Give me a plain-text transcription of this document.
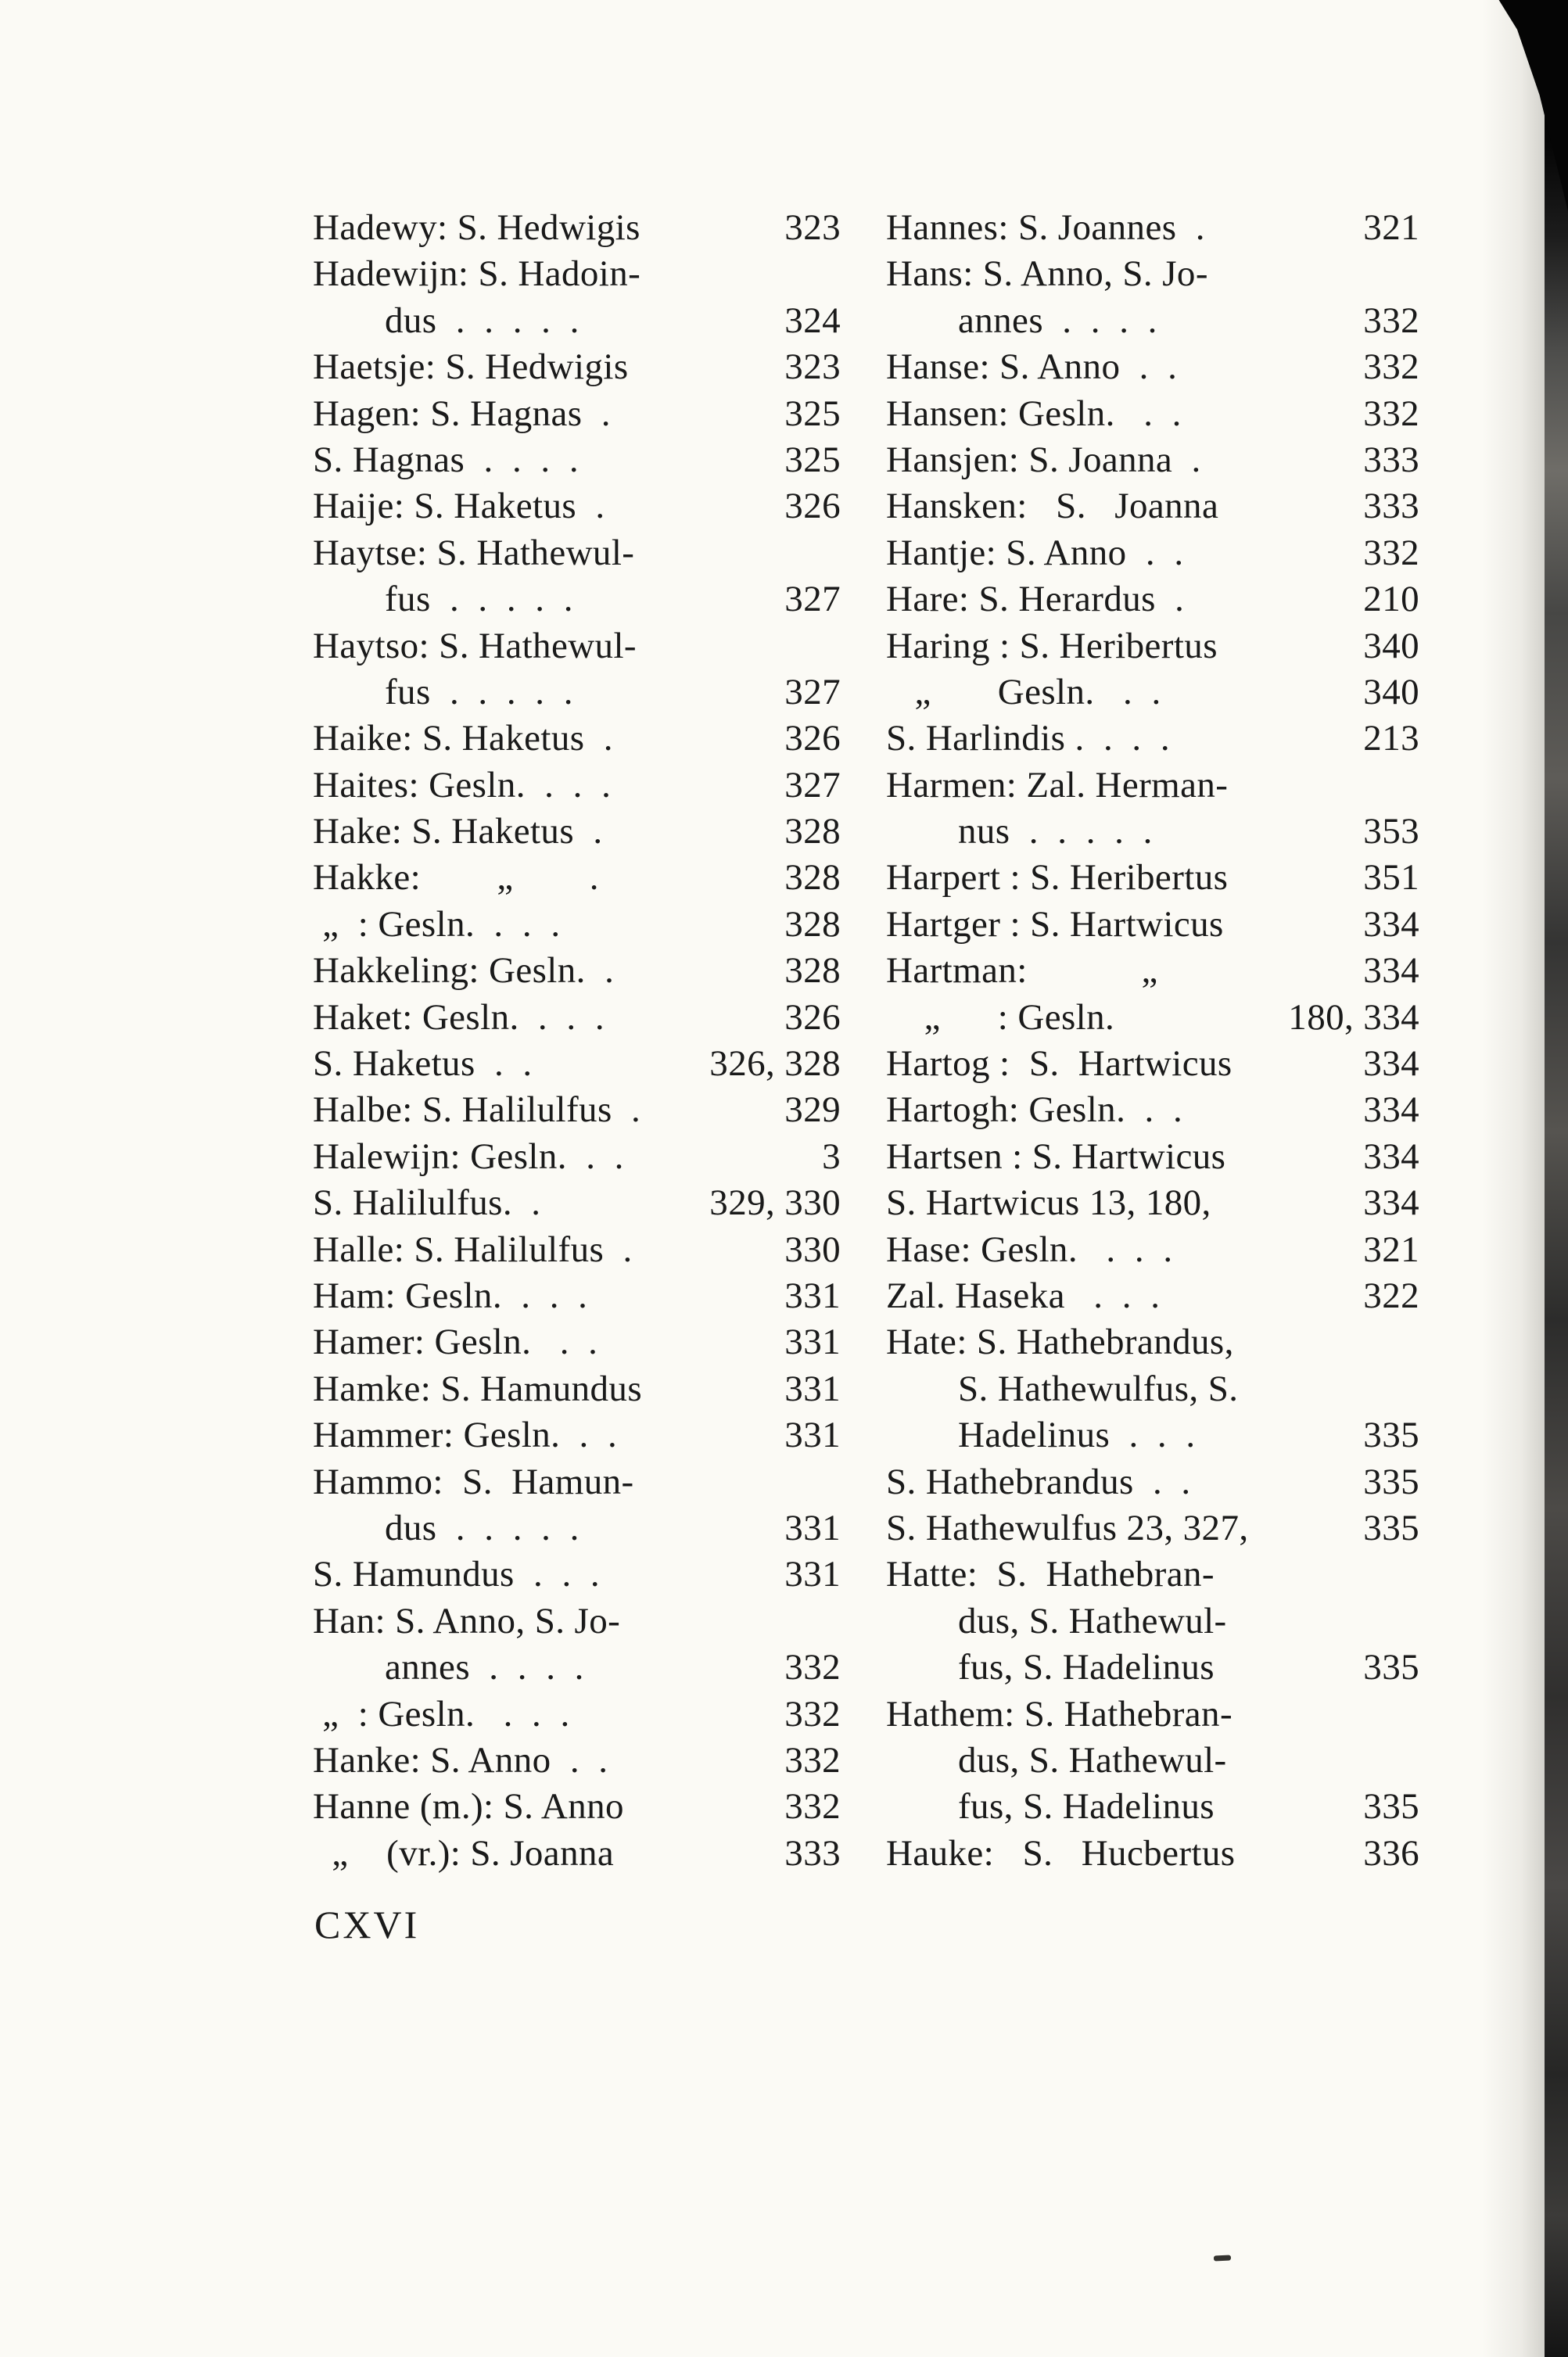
Hadewy: S. Hedwigis	323
Hadewijn: S. Hadoin-
dus  .  .  .  .  .	324
Haetsje: S. Hedwigis	323
Hagen: S. Hagnas  .	325
S. Hagnas  .  .  .  .	325
Haije: S. Haketus  .	326
Haytse: S. Hathewul-
fus  .  .  .  .  .	327
Haytso: S. Hathewul-
fus  .  .  .  .  .	327
Haike: S. Haketus  .	326
Haites: Gesln.  .  .  .	327
Hake: S. Haketus  .	328
Hakke:        „        .	328
„  : Gesln.  .  .  .	328
Hakkeling: Gesln.  .	328
Haket: Gesln.  .  .  .	326
S. Haketus  .  .	326, 328
Halbe: S. Halilulfus  .	329
Halewijn: Gesln.  .  .	3
S. Halilulfus.  .	329, 330
Halle: S. Halilulfus  .	330
Ham: Gesln.  .  .  .	331
Hamer: Gesln.   .  .	331
Hamke: S. Hamundus	331
Hammer: Gesln.  .  .	331
Hammo:  S.  Hamun-
dus  .  .  .  .  .	331
S. Hamundus  .  .  .	331
Han: S. Anno, S. Jo-
annes  .  .  .  .	332
„  : Gesln.   .  .  .	332
Hanke: S. Anno  .  .	332
Hanne (m.): S. Anno	332
„    (vr.): S. Joanna	333
Hannes: S. Joannes  .	321
Hans: S. Anno, S. Jo-
annes  .  .  .  .	332
Hanse: S. Anno  .  .	332
Hansen: Gesln.   .  .	332
Hansjen: S. Joanna  .	333
Hansken:   S.   Joanna	333
Hantje: S. Anno  .  .	332
Hare: S. Herardus  .	210
Haring : S. Heribertus	340
„       Gesln.   .  .	340
S. Harlindis .  .  .  .	213
Harmen: Zal. Herman-
nus  .  .  .  .  .	353
Harpert : S. Heribertus	351
Hartger : S. Hartwicus	334
Hartman:            „	334
„      : Gesln.	180, 334
Hartog :  S.  Hartwicus	334
Hartogh: Gesln.  .  .	334
Hartsen : S. Hartwicus	334
S. Hartwicus 13, 180,	334
Hase: Gesln.   .  .  .	321
Zal. Haseka   .  .  .	322
Hate: S. Hathebrandus,
S. Hathewulfus, S.
Hadelinus  .  .  .	335
S. Hathebrandus  .  .	335
S. Hathewulfus 23, 327,	335
Hatte:  S.  Hathebran-
dus, S. Hathewul-
fus, S. Hadelinus	335
Hathem: S. Hathebran-
dus, S. Hathewul-
fus, S. Hadelinus	335
Hauke:   S.   Hucbertus	336
CXVI
